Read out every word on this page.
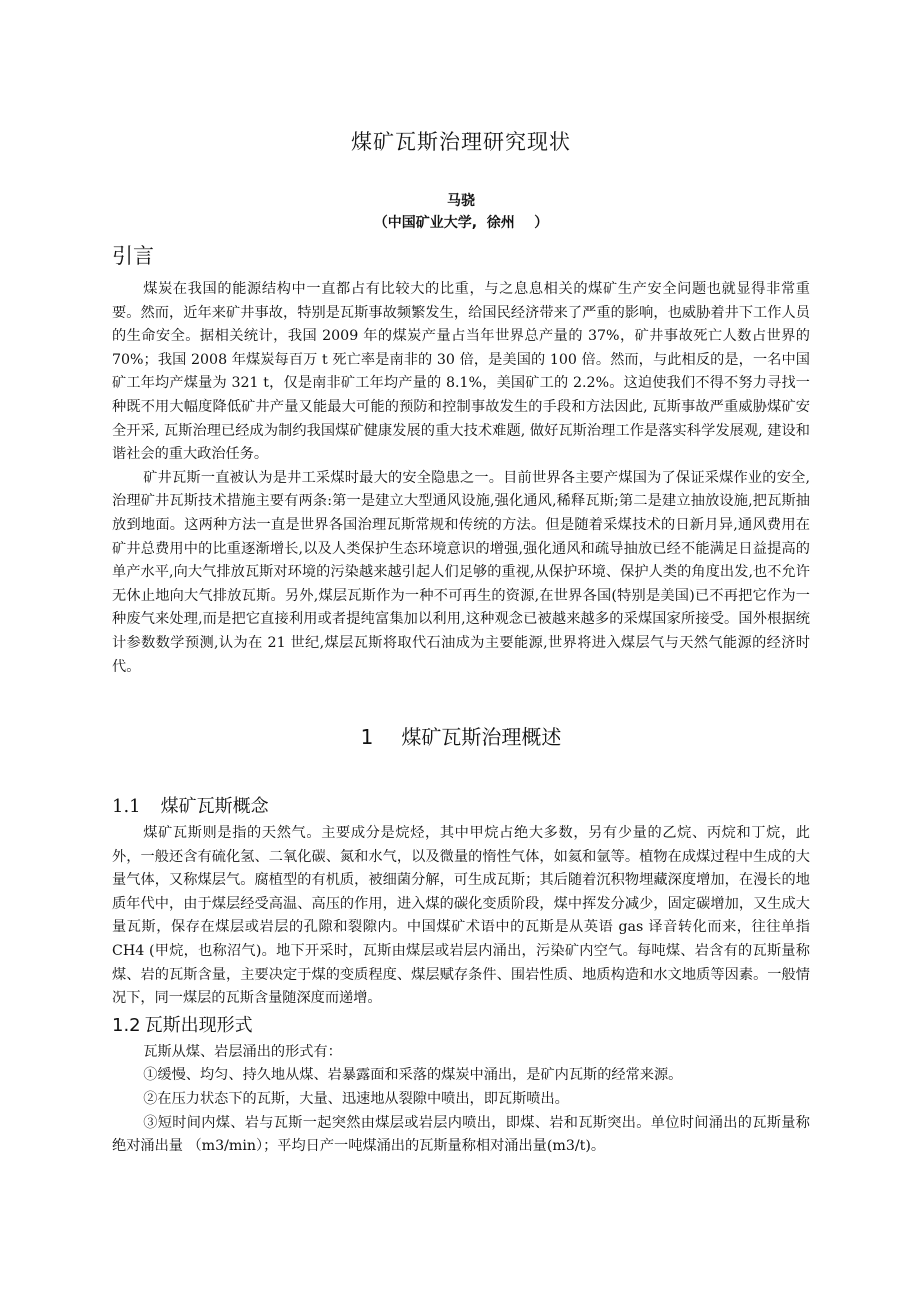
煤矿瓦斯治理研究现状
马骁
（中国矿业大学,  徐州    ）
引言

煤炭在我国的能源结构中一直都占有比较大的比重，与之息息相关的煤矿生产安全问题也就显得非常重要。然而，近年来矿井事故，特别是瓦斯事故频繁发生，给国民经济带来了严重的影响，也威胁着井下工作人员的生命安全。据相关统计，我国 2009 年的煤炭产量占当年世界总产量的 37%，矿井事故死亡人数占世界的 70%；我国 2008 年煤炭每百万 t 死亡率是南非的 30 倍，是美国的 100 倍。然而，与此相反的是，一名中国矿工年均产煤量为 321 t，仅是南非矿工年均产量的 8.1%，美国矿工的 2.2%。这迫使我们不得不努力寻找一种既不用大幅度降低矿井产量又能最大可能的预防和控制事故发生的手段和方法因此, 瓦斯事故严重威胁煤矿安全开采, 瓦斯治理已经成为制约我国煤矿健康发展的重大技术难题, 做好瓦斯治理工作是落实科学发展观, 建设和谐社会的重大政治任务。

矿井瓦斯一直被认为是井工采煤时最大的安全隐患之一。目前世界各主要产煤国为了保证采煤作业的安全,治理矿井瓦斯技术措施主要有两条:第一是建立大型通风设施,强化通风,稀释瓦斯;第二是建立抽放设施,把瓦斯抽放到地面。这两种方法一直是世界各国治理瓦斯常规和传统的方法。但是随着采煤技术的日新月异,通风费用在矿井总费用中的比重逐渐增长,以及人类保护生态环境意识的增强,强化通风和疏导抽放已经不能满足日益提高的单产水平,向大气排放瓦斯对环境的污染越来越引起人们足够的重视,从保护环境、保护人类的角度出发,也不允许无休止地向大气排放瓦斯。另外,煤层瓦斯作为一种不可再生的资源,在世界各国(特别是美国)已不再把它作为一种废气来处理,而是把它直接利用或者提纯富集加以利用,这种观念已被越来越多的采煤国家所接受。国外根据统计参数数学预测,认为在 21 世纪,煤层瓦斯将取代石油成为主要能源,世界将进入煤层气与天然气能源的经济时代。

1 煤矿瓦斯治理概述
1.1 煤矿瓦斯概念

煤矿瓦斯则是指的天然气。主要成分是烷烃，其中甲烷占绝大多数，另有少量的乙烷、丙烷和丁烷，此外，一般还含有硫化氢、二氧化碳、氮和水气，以及微量的惰性气体，如氦和氩等。植物在成煤过程中生成的大量气体，又称煤层气。腐植型的有机质，被细菌分解，可生成瓦斯；其后随着沉积物埋藏深度增加，在漫长的地质年代中，由于煤层经受高温、高压的作用，进入煤的碳化变质阶段，煤中挥发分减少，固定碳增加，又生成大量瓦斯，保存在煤层或岩层的孔隙和裂隙内。中国煤矿术语中的瓦斯是从英语 gas 译音转化而来，往往单指 CH4 (甲烷，也称沼气)。地下开采时，瓦斯由煤层或岩层内涌出，污染矿内空气。每吨煤、岩含有的瓦斯量称煤、岩的瓦斯含量，主要决定于煤的变质程度、煤层赋存条件、围岩性质、地质构造和水文地质等因素。一般情况下，同一煤层的瓦斯含量随深度而递增。

1.2 瓦斯出现形式

瓦斯从煤、岩层涌出的形式有：

①缓慢、均匀、持久地从煤、岩暴露面和采落的煤炭中涌出，是矿内瓦斯的经常来源。

②在压力状态下的瓦斯，大量、迅速地从裂隙中喷出，即瓦斯喷出。

③短时间内煤、岩与瓦斯一起突然由煤层或岩层内喷出，即煤、岩和瓦斯突出。单位时间涌出的瓦斯量称绝对涌出量 （m3/min）；平均日产一吨煤涌出的瓦斯量称相对涌出量(m3/t)。
